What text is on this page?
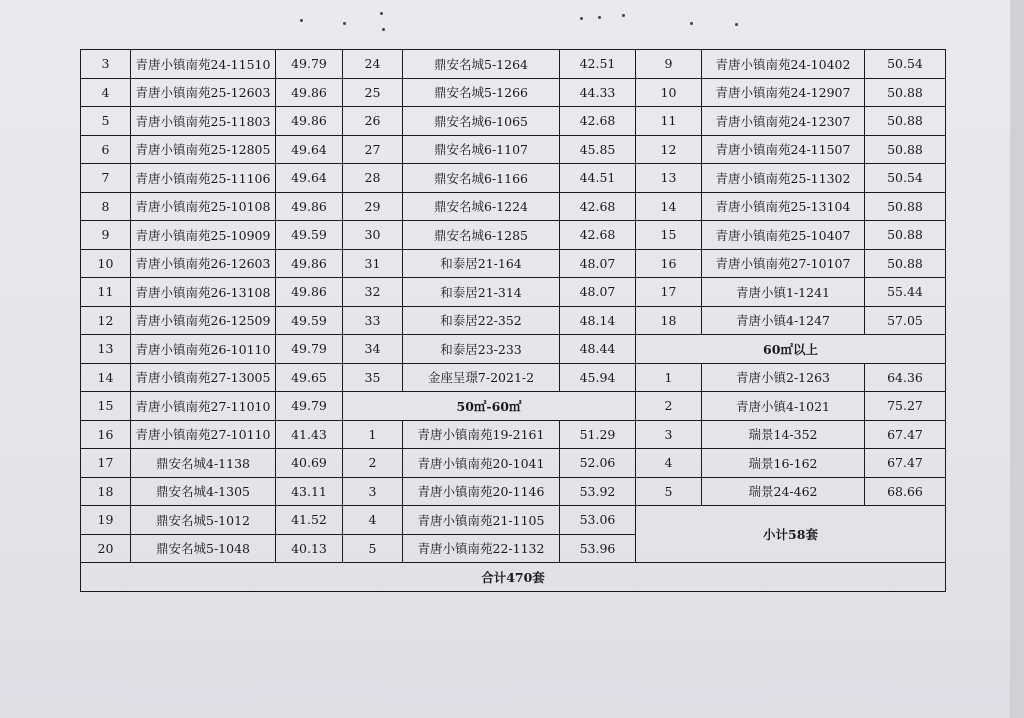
3	青唐小镇南苑24-11510	49.79	24	鼎安名城5-1264	42.51	9	青唐小镇南苑24-10402	50.54
4	青唐小镇南苑25-12603	49.86	25	鼎安名城5-1266	44.33	10	青唐小镇南苑24-12907	50.88
5	青唐小镇南苑25-11803	49.86	26	鼎安名城6-1065	42.68	11	青唐小镇南苑24-12307	50.88
6	青唐小镇南苑25-12805	49.64	27	鼎安名城6-1107	45.85	12	青唐小镇南苑24-11507	50.88
7	青唐小镇南苑25-11106	49.64	28	鼎安名城6-1166	44.51	13	青唐小镇南苑25-11302	50.54
8	青唐小镇南苑25-10108	49.86	29	鼎安名城6-1224	42.68	14	青唐小镇南苑25-13104	50.88
9	青唐小镇南苑25-10909	49.59	30	鼎安名城6-1285	42.68	15	青唐小镇南苑25-10407	50.88
10	青唐小镇南苑26-12603	49.86	31	和泰居21-164	48.07	16	青唐小镇南苑27-10107	50.88
11	青唐小镇南苑26-13108	49.86	32	和泰居21-314	48.07	17	青唐小镇1-1241	55.44
12	青唐小镇南苑26-12509	49.59	33	和泰居22-352	48.14	18	青唐小镇4-1247	57.05
13	青唐小镇南苑26-10110	49.79	34	和泰居23-233	48.44	60㎡以上		
14	青唐小镇南苑27-13005	49.65	35	金座呈璟7-2021-2	45.94	1	青唐小镇2-1263	64.36
15	青唐小镇南苑27-11010	49.79	50㎡-60㎡			2	青唐小镇4-1021	75.27
16	青唐小镇南苑27-10110	41.43	1	青唐小镇南苑19-2161	51.29	3	瑞景14-352	67.47
17	鼎安名城4-1138	40.69	2	青唐小镇南苑20-1041	52.06	4	瑞景16-162	67.47
18	鼎安名城4-1305	43.11	3	青唐小镇南苑20-1146	53.92	5	瑞景24-462	68.66
19	鼎安名城5-1012	41.52	4	青唐小镇南苑21-1105	53.06	小计58套		
20	鼎安名城5-1048	40.13	5	青唐小镇南苑22-1132	53.96			
合计470套								
